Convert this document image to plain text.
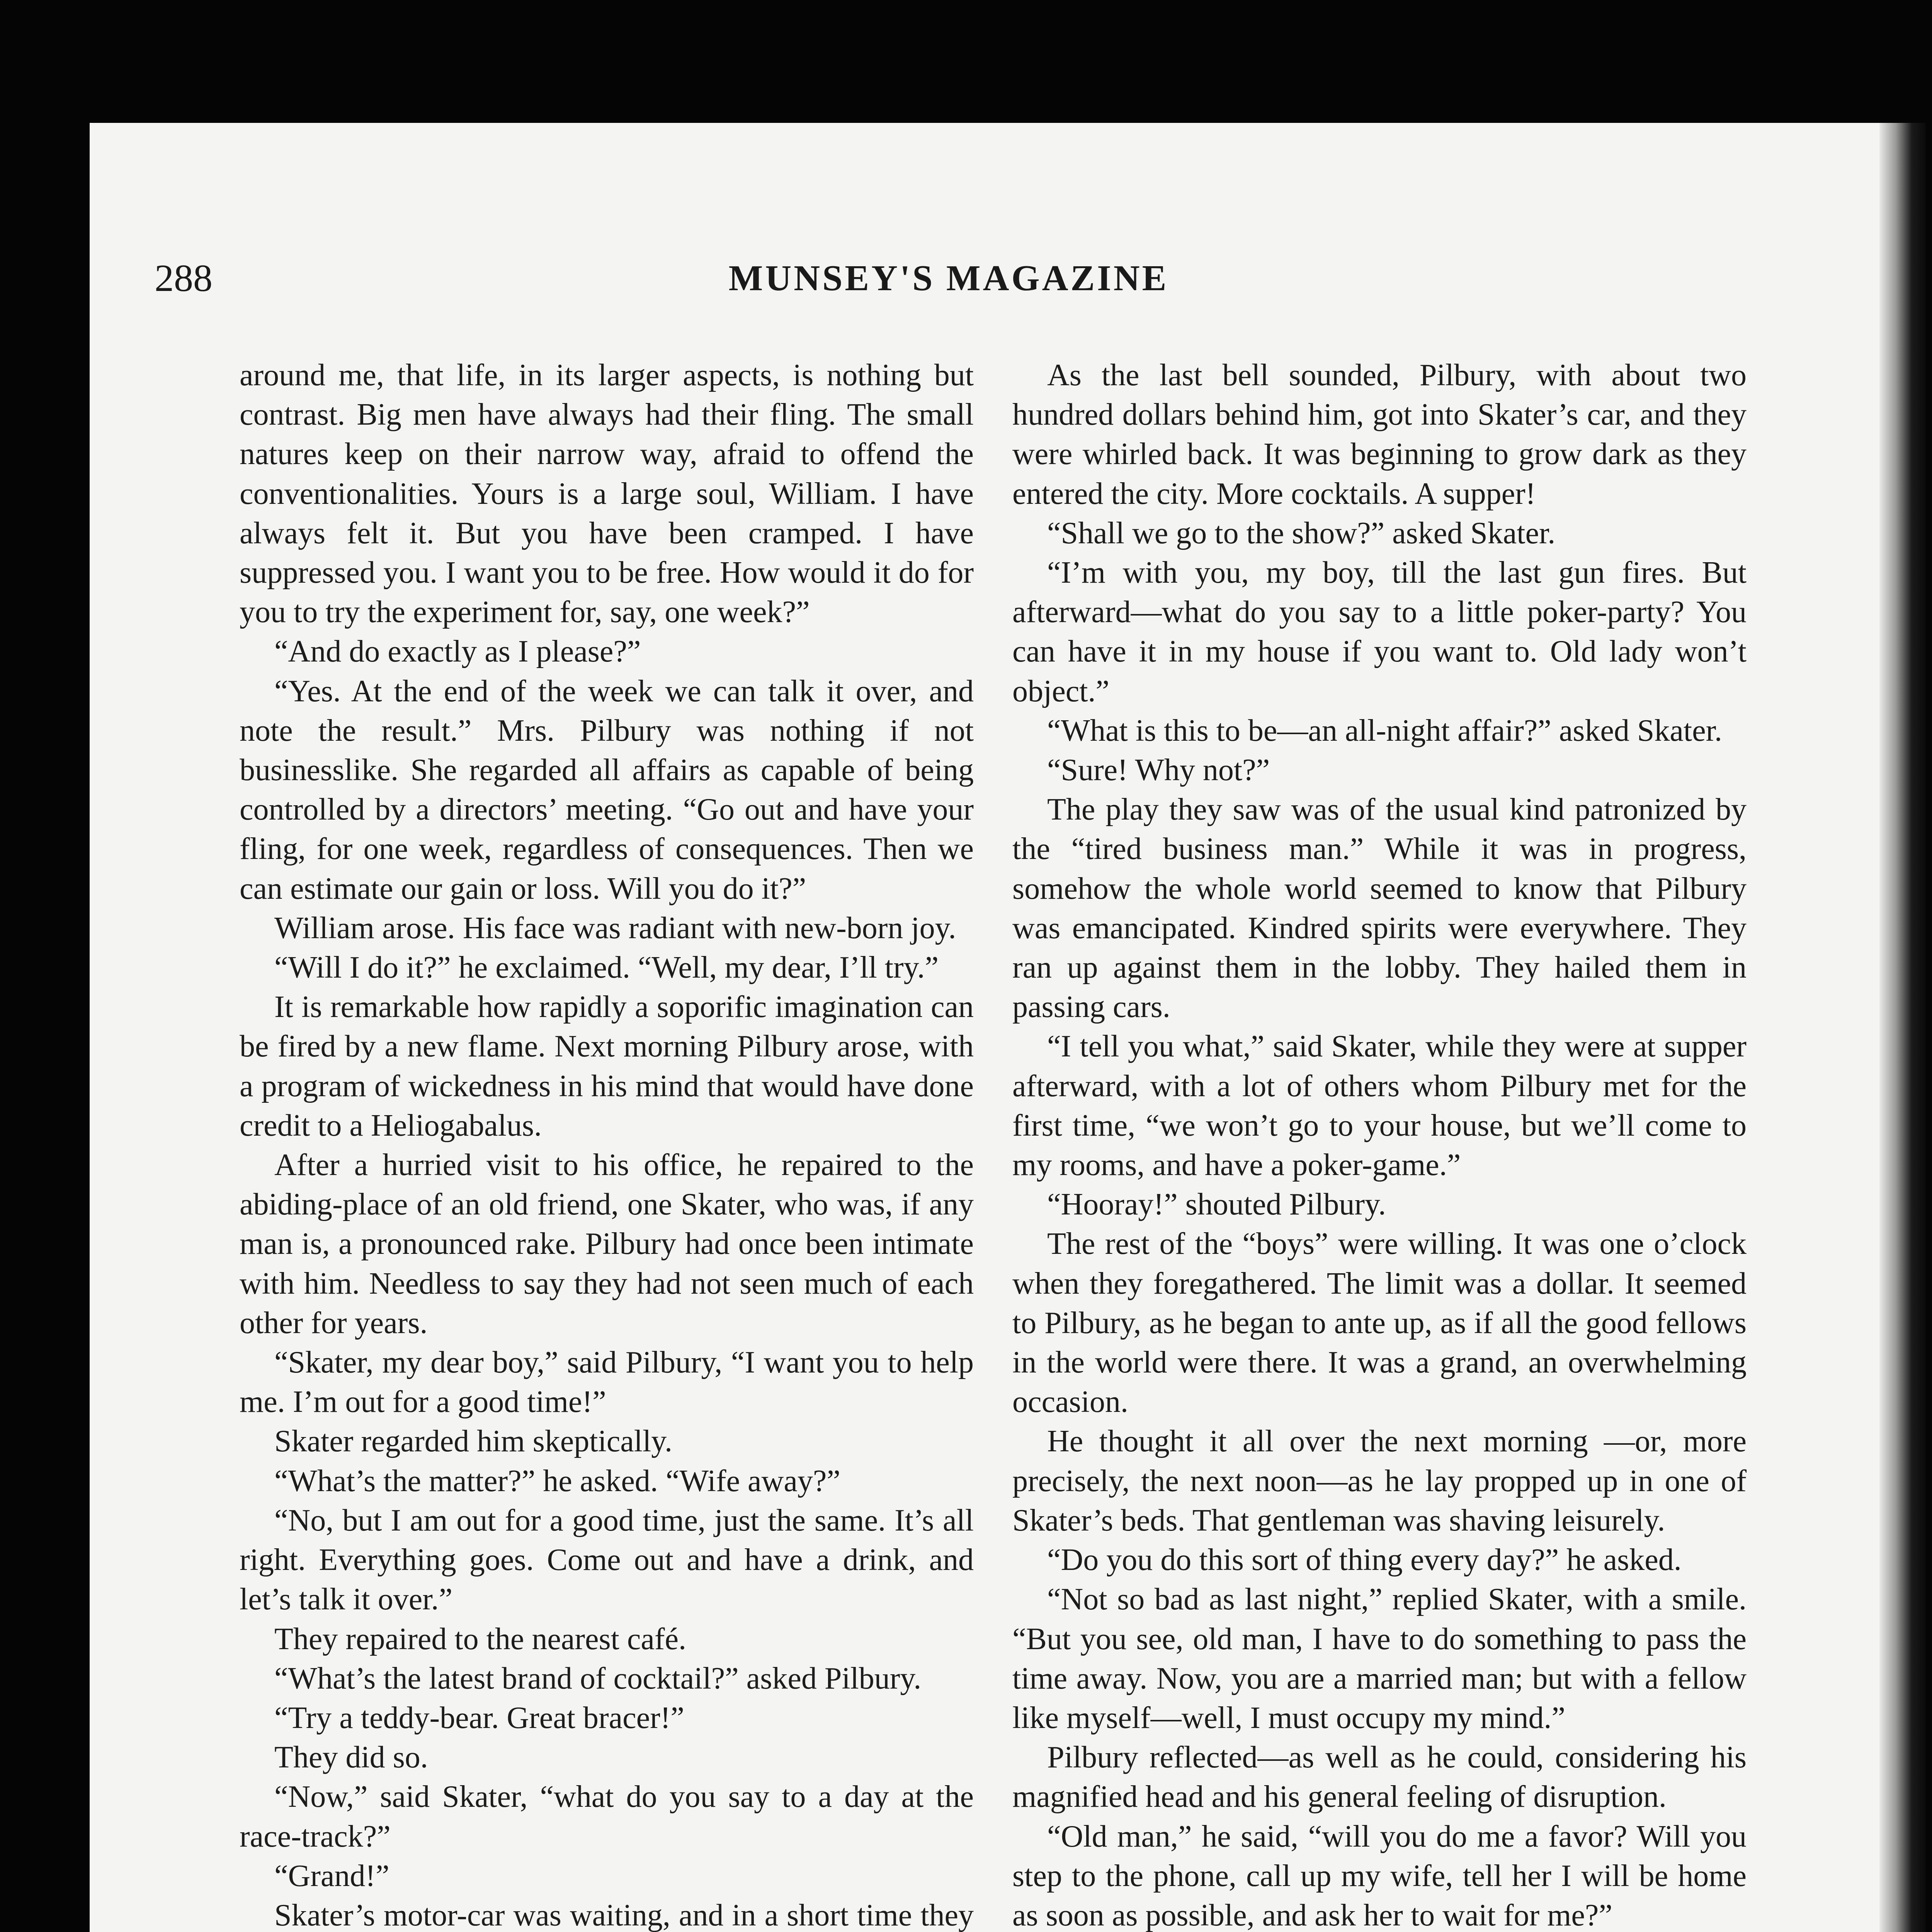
288	MUNSEY'S MAGAZINE

around me, that life, in its larger aspects, is nothing but contrast. Big men have always had their fling. The small natures keep on their narrow way, afraid to offend the conventionalities. Yours is a large soul, William. I have always felt it. But you have been cramped. I have suppressed you. I want you to be free. How would it do for you to try the experiment for, say, one week?”

“And do exactly as I please?”

“Yes. At the end of the week we can talk it over, and note the result.” Mrs. Pilbury was nothing if not businesslike. She regarded all affairs as capable of being controlled by a directors’ meeting. “Go out and have your fling, for one week, regardless of consequences. Then we can estimate our gain or loss. Will you do it?”

William arose. His face was radiant with new-born joy.

“Will I do it?” he exclaimed. “Well, my dear, I’ll try.”

It is remarkable how rapidly a soporific imagination can be fired by a new flame. Next morning Pilbury arose, with a program of wickedness in his mind that would have done credit to a Heliogabalus.

After a hurried visit to his office, he repaired to the abiding-place of an old friend, one Skater, who was, if any man is, a pronounced rake. Pilbury had once been intimate with him. Needless to say they had not seen much of each other for years.

“Skater, my dear boy,” said Pilbury, “I want you to help me. I’m out for a good time!”

Skater regarded him skeptically.

“What’s the matter?” he asked. “Wife away?”

“No, but I am out for a good time, just the same. It’s all right. Everything goes. Come out and have a drink, and let’s talk it over.”

They repaired to the nearest café.

“What’s the latest brand of cocktail?” asked Pilbury.

“Try a teddy-bear. Great bracer!”

They did so.

“Now,” said Skater, “what do you say to a day at the race-track?”

“Grand!”

Skater’s motor-car was waiting, and in a short time they

As the last bell sounded, Pilbury, with about two hundred dollars behind him, got into Skater’s car, and they were whirled back. It was beginning to grow dark as they entered the city. More cocktails. A supper!

“Shall we go to the show?” asked Skater.

“I’m with you, my boy, till the last gun fires. But afterward—what do you say to a little poker-party? You can have it in my house if you want to. Old lady won’t object.”

“What is this to be—an all-night affair?” asked Skater.

“Sure! Why not?”

The play they saw was of the usual kind patronized by the “tired business man.” While it was in progress, somehow the whole world seemed to know that Pilbury was emancipated. Kindred spirits were everywhere. They ran up against them in the lobby. They hailed them in passing cars.

“I tell you what,” said Skater, while they were at supper afterward, with a lot of others whom Pilbury met for the first time, “we won’t go to your house, but we’ll come to my rooms, and have a poker-game.”

“Hooray!” shouted Pilbury.

The rest of the “boys” were willing. It was one o’clock when they foregathered. The limit was a dollar. It seemed to Pilbury, as he began to ante up, as if all the good fellows in the world were there. It was a grand, an overwhelming occasion.

He thought it all over the next morning —or, more precisely, the next noon—as he lay propped up in one of Skater’s beds. That gentleman was shaving leisurely.

“Do you do this sort of thing every day?” he asked.

“Not so bad as last night,” replied Skater, with a smile. “But you see, old man, I have to do something to pass the time away. Now, you are a married man; but with a fellow like myself—well, I must occupy my mind.”

Pilbury reflected—as well as he could, considering his magnified head and his general feeling of disruption.

“Old man,” he said, “will you do me a favor? Will you step to the phone, call up my wife, tell her I will be home as soon as possible, and ask her to wait for me?”
